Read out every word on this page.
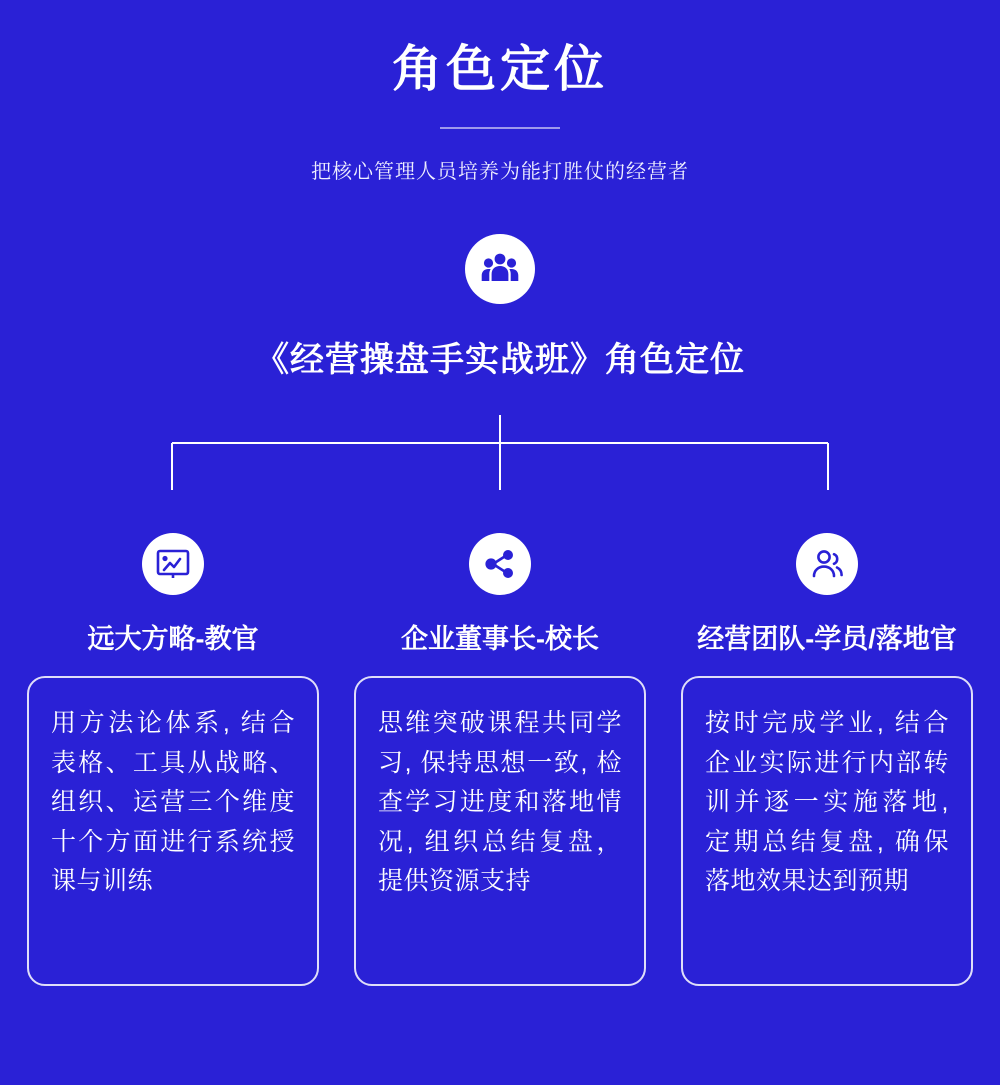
角色定位
把核心管理人员培养为能打胜仗的经营者
《经营操盘手实战班》角色定位
远大方略-教官
用方法论体系, 结合表格、工具从战略、组织、运营三个维度十个方面进行系统授课与训练
企业董事长-校长
思维突破课程共同学习, 保持思想一致, 检查学习进度和落地情况, 组织总结复盘，提供资源支持
经营团队-学员/落地官
按时完成学业, 结合企业实际进行内部转训并逐一实施落地, 定期总结复盘, 确保落地效果达到预期
